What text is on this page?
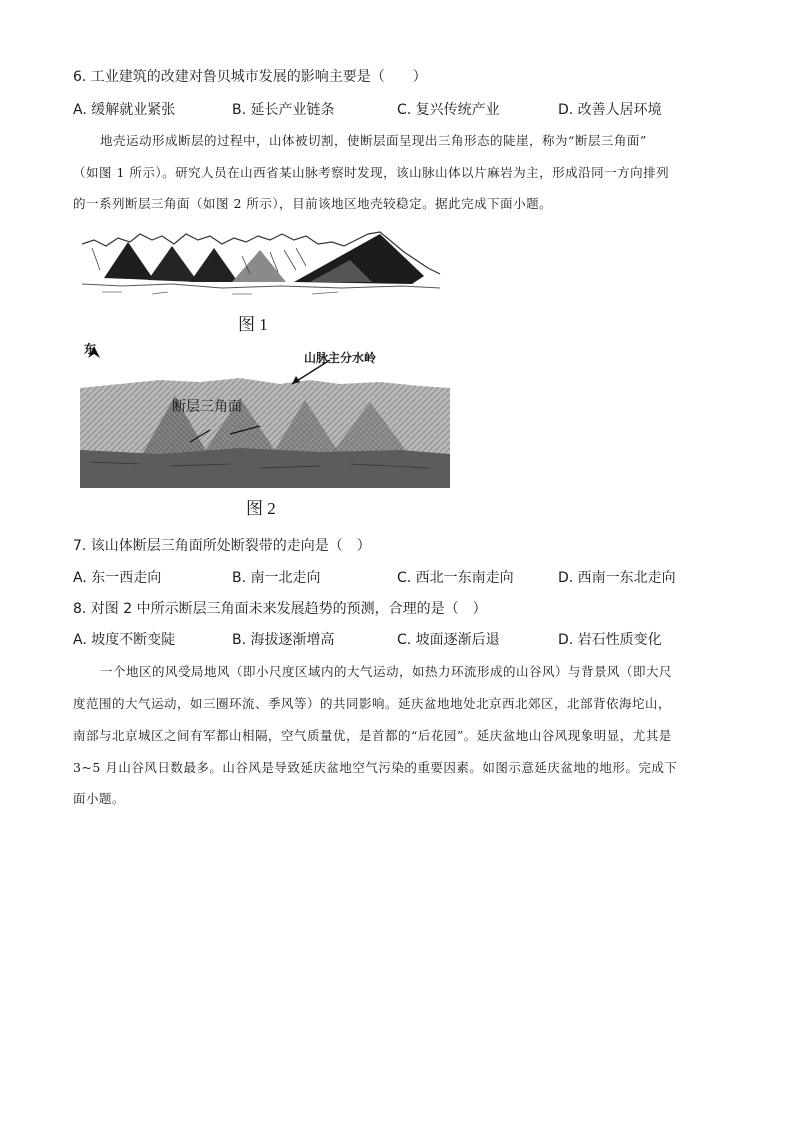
6. 工业建筑的改建对鲁贝城市发展的影响主要是（　　）
A. 缓解就业紧张	B. 延长产业链条	C. 复兴传统产业	D. 改善人居环境
地壳运动形成断层的过程中，山体被切割，使断层面呈现出三角形态的陡崖，称为“断层三角面”
（如图 1 所示）。研究人员在山西省某山脉考察时发现，该山脉山体以片麻岩为主，形成沿同一方向排列
的一系列断层三角面（如图 2 所示），目前该地区地壳较稳定。据此完成下面小题。
图 1
东
山脉主分水岭
断层三角面
图 2
7. 该山体断层三角面所处断裂带的走向是（　）
A. 东一西走向	B. 南一北走向	C. 西北一东南走向	D. 西南一东北走向
8. 对图 2 中所示断层三角面未来发展趋势的预测，合理的是（　）
A. 坡度不断变陡	B. 海拔逐渐增高	C. 坡面逐渐后退	D. 岩石性质变化
一个地区的风受局地风（即小尺度区域内的大气运动，如热力环流形成的山谷风）与背景风（即大尺
度范围的大气运动，如三圈环流、季风等）的共同影响。延庆盆地地处北京西北郊区，北部背依海坨山，
南部与北京城区之间有军都山相隔，空气质量优，是首都的“后花园”。延庆盆地山谷风现象明显，尤其是
3~5 月山谷风日数最多。山谷风是导致延庆盆地空气污染的重要因素。如图示意延庆盆地的地形。完成下
面小题。
